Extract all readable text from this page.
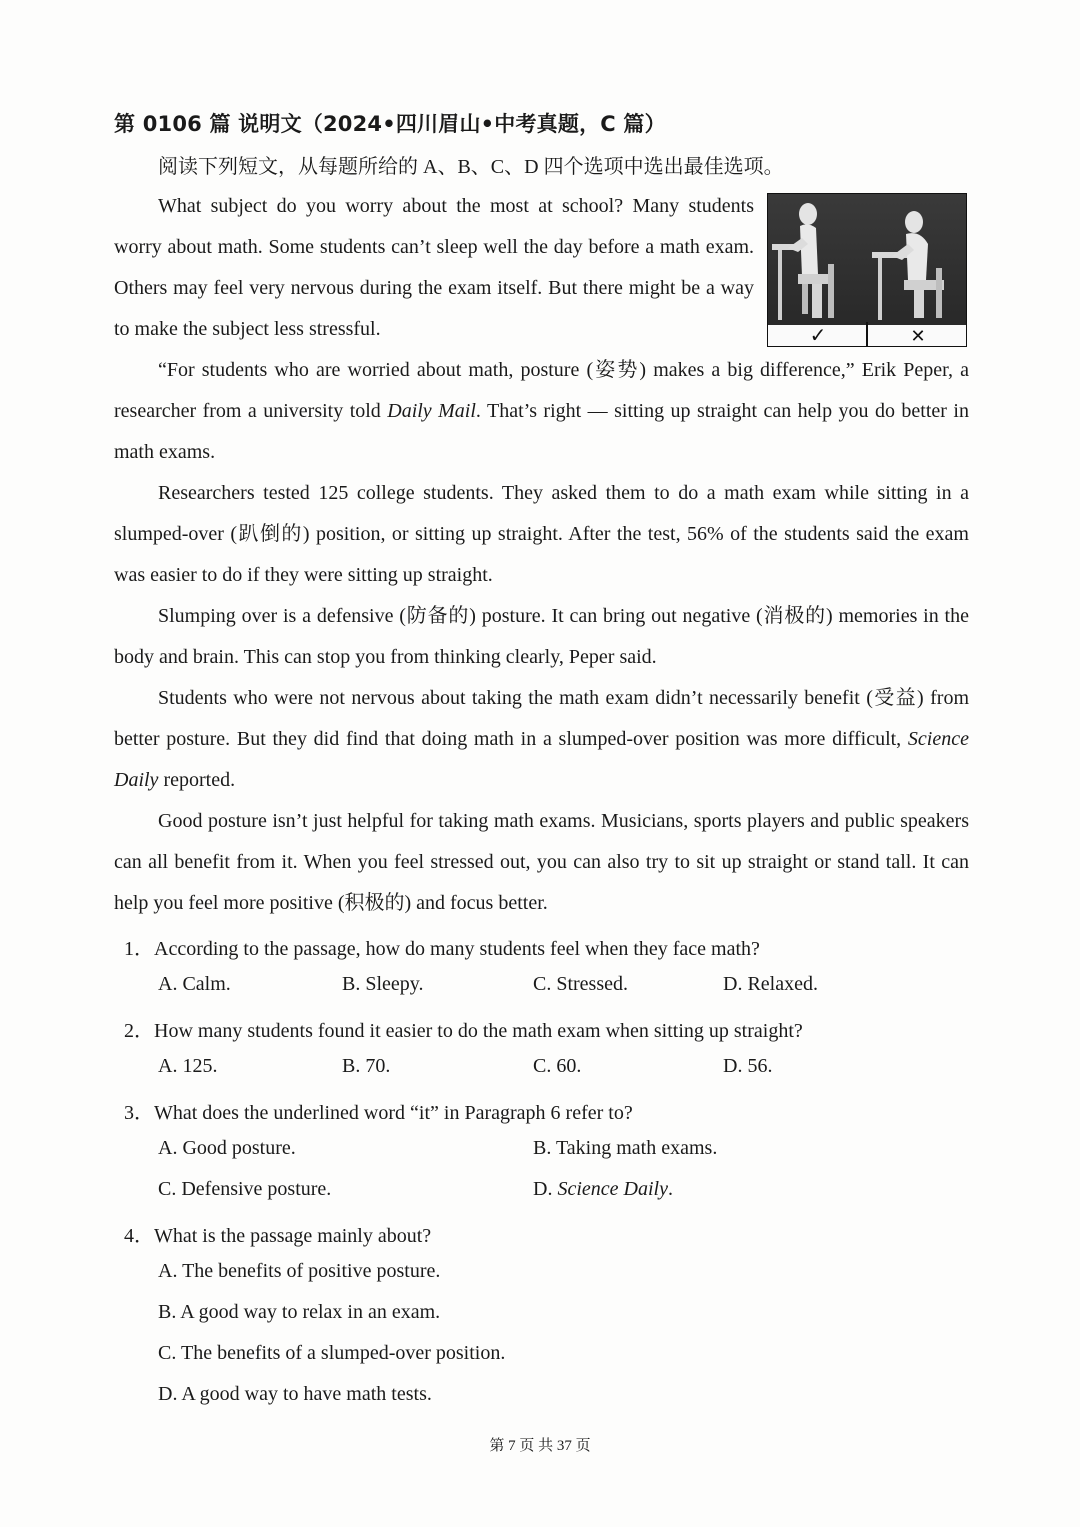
第 0106 篇 说明文（2024•四川眉山•中考真题，C 篇）
阅读下列短文，从每题所给的 A、B、C、D 四个选项中选出最佳选项。

What subject do you worry about the most at school? Many students worry about math. Some students can’t sleep well the day before a math exam. Others may feel very nervous during the exam itself. But there might be a way to make the subject less stressful.	✓	✕

“For students who are worried about math, posture (姿势) makes a big difference,” Erik Peper, a researcher from a university told Daily Mail. That’s right — sitting up straight can help you do better in math exams.

Researchers tested 125 college students. They asked them to do a math exam while sitting in a slumped-over (趴倒的) position, or sitting up straight. After the test, 56% of the students said the exam was easier to do if they were sitting up straight.

Slumping over is a defensive (防备的) posture. It can bring out negative (消极的) memories in the body and brain. This can stop you from thinking clearly, Peper said.

Students who were not nervous about taking the math exam didn’t necessarily benefit (受益) from better posture. But they did find that doing math in a slumped-over position was more difficult, Science Daily reported.

Good posture isn’t just helpful for taking math exams. Musicians, sports players and public speakers can all benefit from it. When you feel stressed out, you can also try to sit up straight or stand tall. It can help you feel more positive (积极的) and focus better.

1．According to the passage, how do many students feel when they face math?
A. Calm.	B. Sleepy.	C. Stressed.	D. Relaxed.
2．How many students found it easier to do the math exam when sitting up straight?
A. 125.	B. 70.	C. 60.	D. 56.
3．What does the underlined word “it” in Paragraph 6 refer to?
A. Good posture.	B. Taking math exams.
C. Defensive posture.	D. Science Daily.
4．What is the passage mainly about?
A. The benefits of positive posture.
B. A good way to relax in an exam.
C. The benefits of a slumped-over position.
D. A good way to have math tests.
第 7 页 共 37 页
